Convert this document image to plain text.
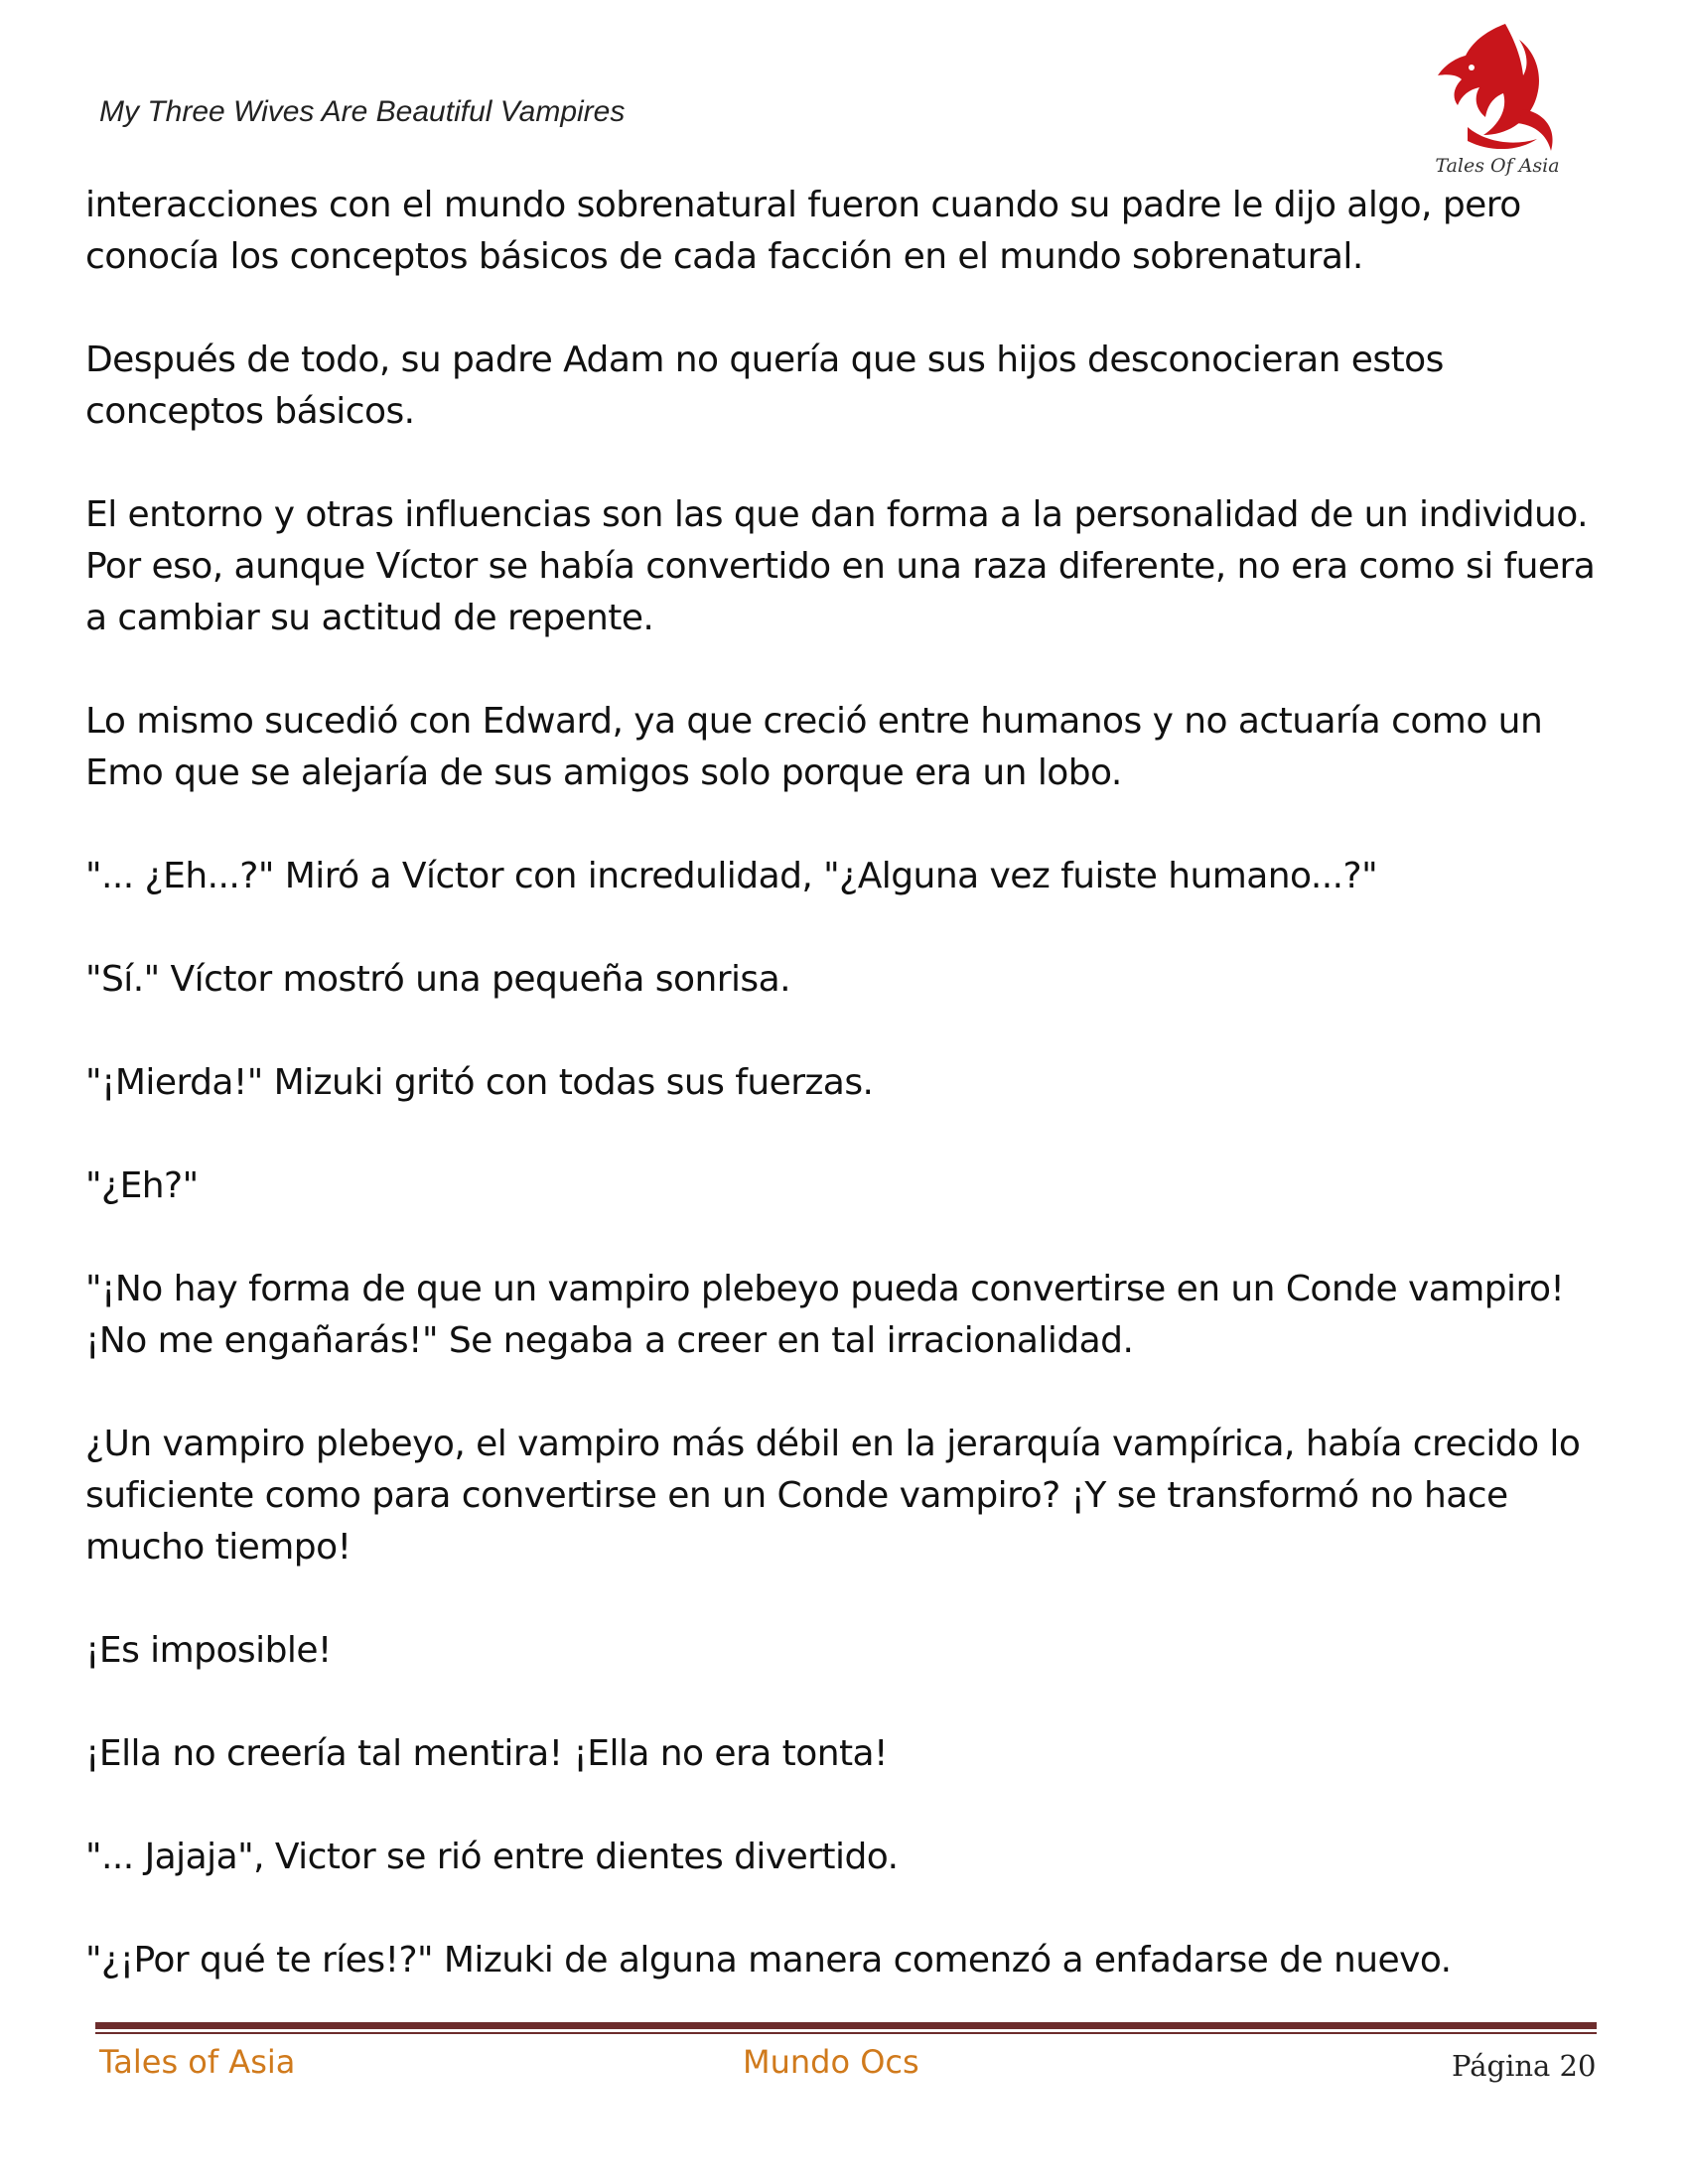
My Three Wives Are Beautiful Vampires
Tales Of Asia

interacciones con el mundo sobrenatural fueron cuando su padre le dijo algo, pero conocía los conceptos básicos de cada facción en el mundo sobrenatural.

Después de todo, su padre Adam no quería que sus hijos desconocieran estos conceptos básicos.

El entorno y otras influencias son las que dan forma a la personalidad de un individuo. Por eso, aunque Víctor se había convertido en una raza diferente, no era como si fuera a cambiar su actitud de repente.

Lo mismo sucedió con Edward, ya que creció entre humanos y no actuaría como un Emo que se alejaría de sus amigos solo porque era un lobo.

"... ¿Eh...?" Miró a Víctor con incredulidad, "¿Alguna vez fuiste humano...?"

"Sí." Víctor mostró una pequeña sonrisa.

"¡Mierda!" Mizuki gritó con todas sus fuerzas.

"¿Eh?"

"¡No hay forma de que un vampiro plebeyo pueda convertirse en un Conde vampiro! ¡No me engañarás!" Se negaba a creer en tal irracionalidad.

¿Un vampiro plebeyo, el vampiro más débil en la jerarquía vampírica, había crecido lo suficiente como para convertirse en un Conde vampiro? ¡Y se transformó no hace mucho tiempo!

¡Es imposible!

¡Ella no creería tal mentira! ¡Ella no era tonta!

"... Jajaja", Victor se rió entre dientes divertido.

"¿¡Por qué te ríes!?" Mizuki de alguna manera comenzó a enfadarse de nuevo.

Tales of Asia	Mundo Ocs	Página 20
